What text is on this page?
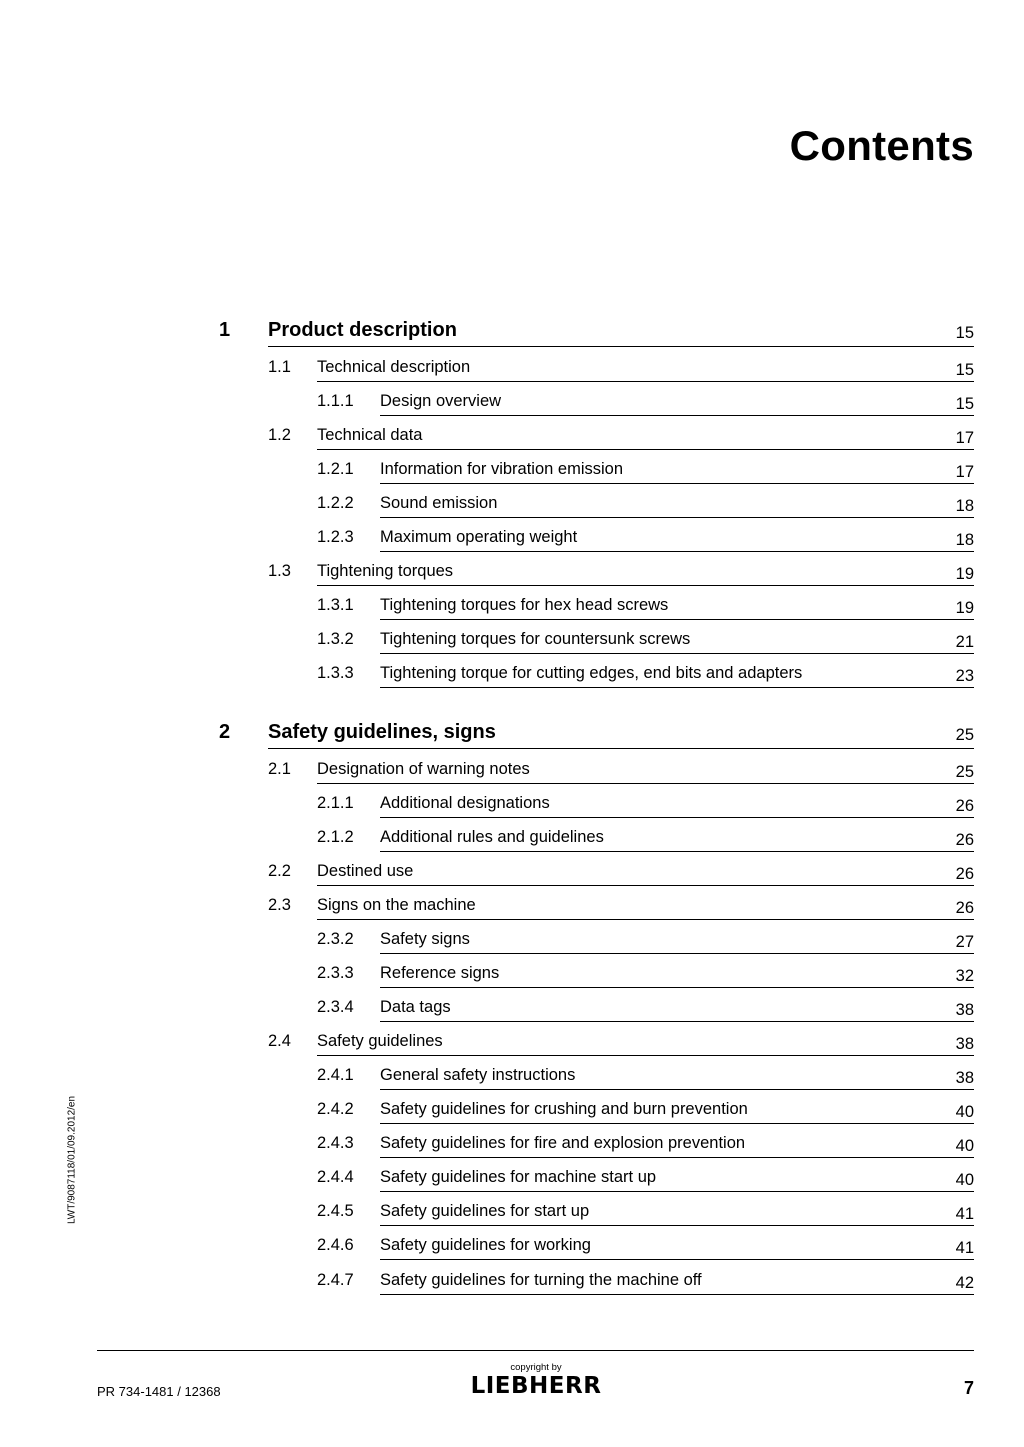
Contents
1 Product description	15
1.1 Technical description	15
1.1.1 Design overview	15
1.2 Technical data	17
1.2.1 Information for vibration emission	17
1.2.2 Sound emission	18
1.2.3 Maximum operating weight	18
1.3 Tightening torques	19
1.3.1 Tightening torques for hex head screws	19
1.3.2 Tightening torques for countersunk screws	21
1.3.3 Tightening torque for cutting edges, end bits and adapters	23
2 Safety guidelines, signs	25
2.1 Designation of warning notes	25
2.1.1 Additional designations	26
2.1.2 Additional rules and guidelines	26
2.2 Destined use	26
2.3 Signs on the machine	26
2.3.2 Safety signs	27
2.3.3 Reference signs	32
2.3.4 Data tags	38
2.4 Safety guidelines	38
2.4.1 General safety instructions	38
2.4.2 Safety guidelines for crushing and burn prevention	40
2.4.3 Safety guidelines for fire and explosion prevention	40
2.4.4 Safety guidelines for machine start up	40
2.4.5 Safety guidelines for start up	41
2.4.6 Safety guidelines for working	41
2.4.7 Safety guidelines for turning the machine off	42
LWT/9087118/01/09.2012/en
PR 734-1481 / 12368
copyright by
LIEBHERR	7
